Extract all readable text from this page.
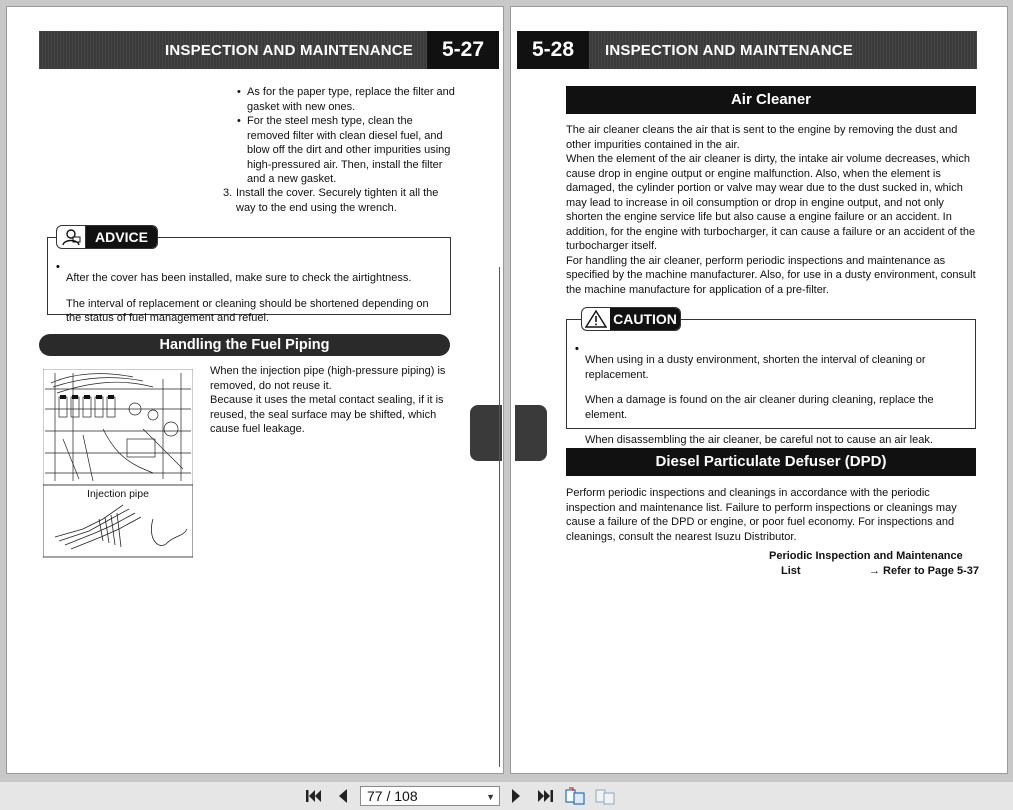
INSPECTION AND MAINTENANCE	5-27

• As for the paper type, replace the filter and gasket with new ones.

• For the steel mesh type, clean the removed filter with clean diesel fuel, and blow off the dirt and other impurities using high-pressured air. Then, install the filter and a new gasket.

3. Install the cover. Securely tighten it all the way to the end using the wrench.

ADVICE

• After the cover has been installed, make sure to check the airtightness.

• The interval of replacement or cleaning should be shortened depending on the status of fuel management and refuel.

Handling the Fuel Piping
Injection pipe

When the injection pipe (high-pressure piping) is removed, do not reuse it.

Because it uses the metal contact sealing, if it is reused, the seal surface may be shifted, which cause fuel leakage.

5-28	INSPECTION AND MAINTENANCE
Air Cleaner

The air cleaner cleans the air that is sent to the engine by removing the dust and other impurities contained in the air.

When the element of the air cleaner is dirty, the intake air volume decreases, which cause drop in engine output or engine malfunction. Also, when the element is damaged, the cylinder portion or valve may wear due to the dust sucked in, which may lead to increase in oil consumption or drop in engine output, and not only shorten the engine service life but also cause a engine failure or an accident. In addition, for the engine with turbocharger, it can cause a failure or an accident of the turbocharger itself.

For handling the air cleaner, perform periodic inspections and maintenance as specified by the machine manufacturer. Also, for use in a dusty environment, consult the machine manufacture for application of a pre-filter.

CAUTION

• When using in a dusty environment, shorten the interval of cleaning or replacement.

• When a damage is found on the air cleaner during cleaning, replace the element.

• When disassembling the air cleaner, be careful not to cause an air leak.

Diesel Particulate Defuser (DPD)

Perform periodic inspections and cleanings in accordance with the periodic inspection and maintenance list. Failure to perform inspections or cleanings may cause a failure of the DPD or engine, or poor fuel economy. For inspections and cleanings, consult the nearest Isuzu Distributor.

Periodic Inspection and Maintenance

List	→ Refer to Page 5-37

77 / 108	▼
